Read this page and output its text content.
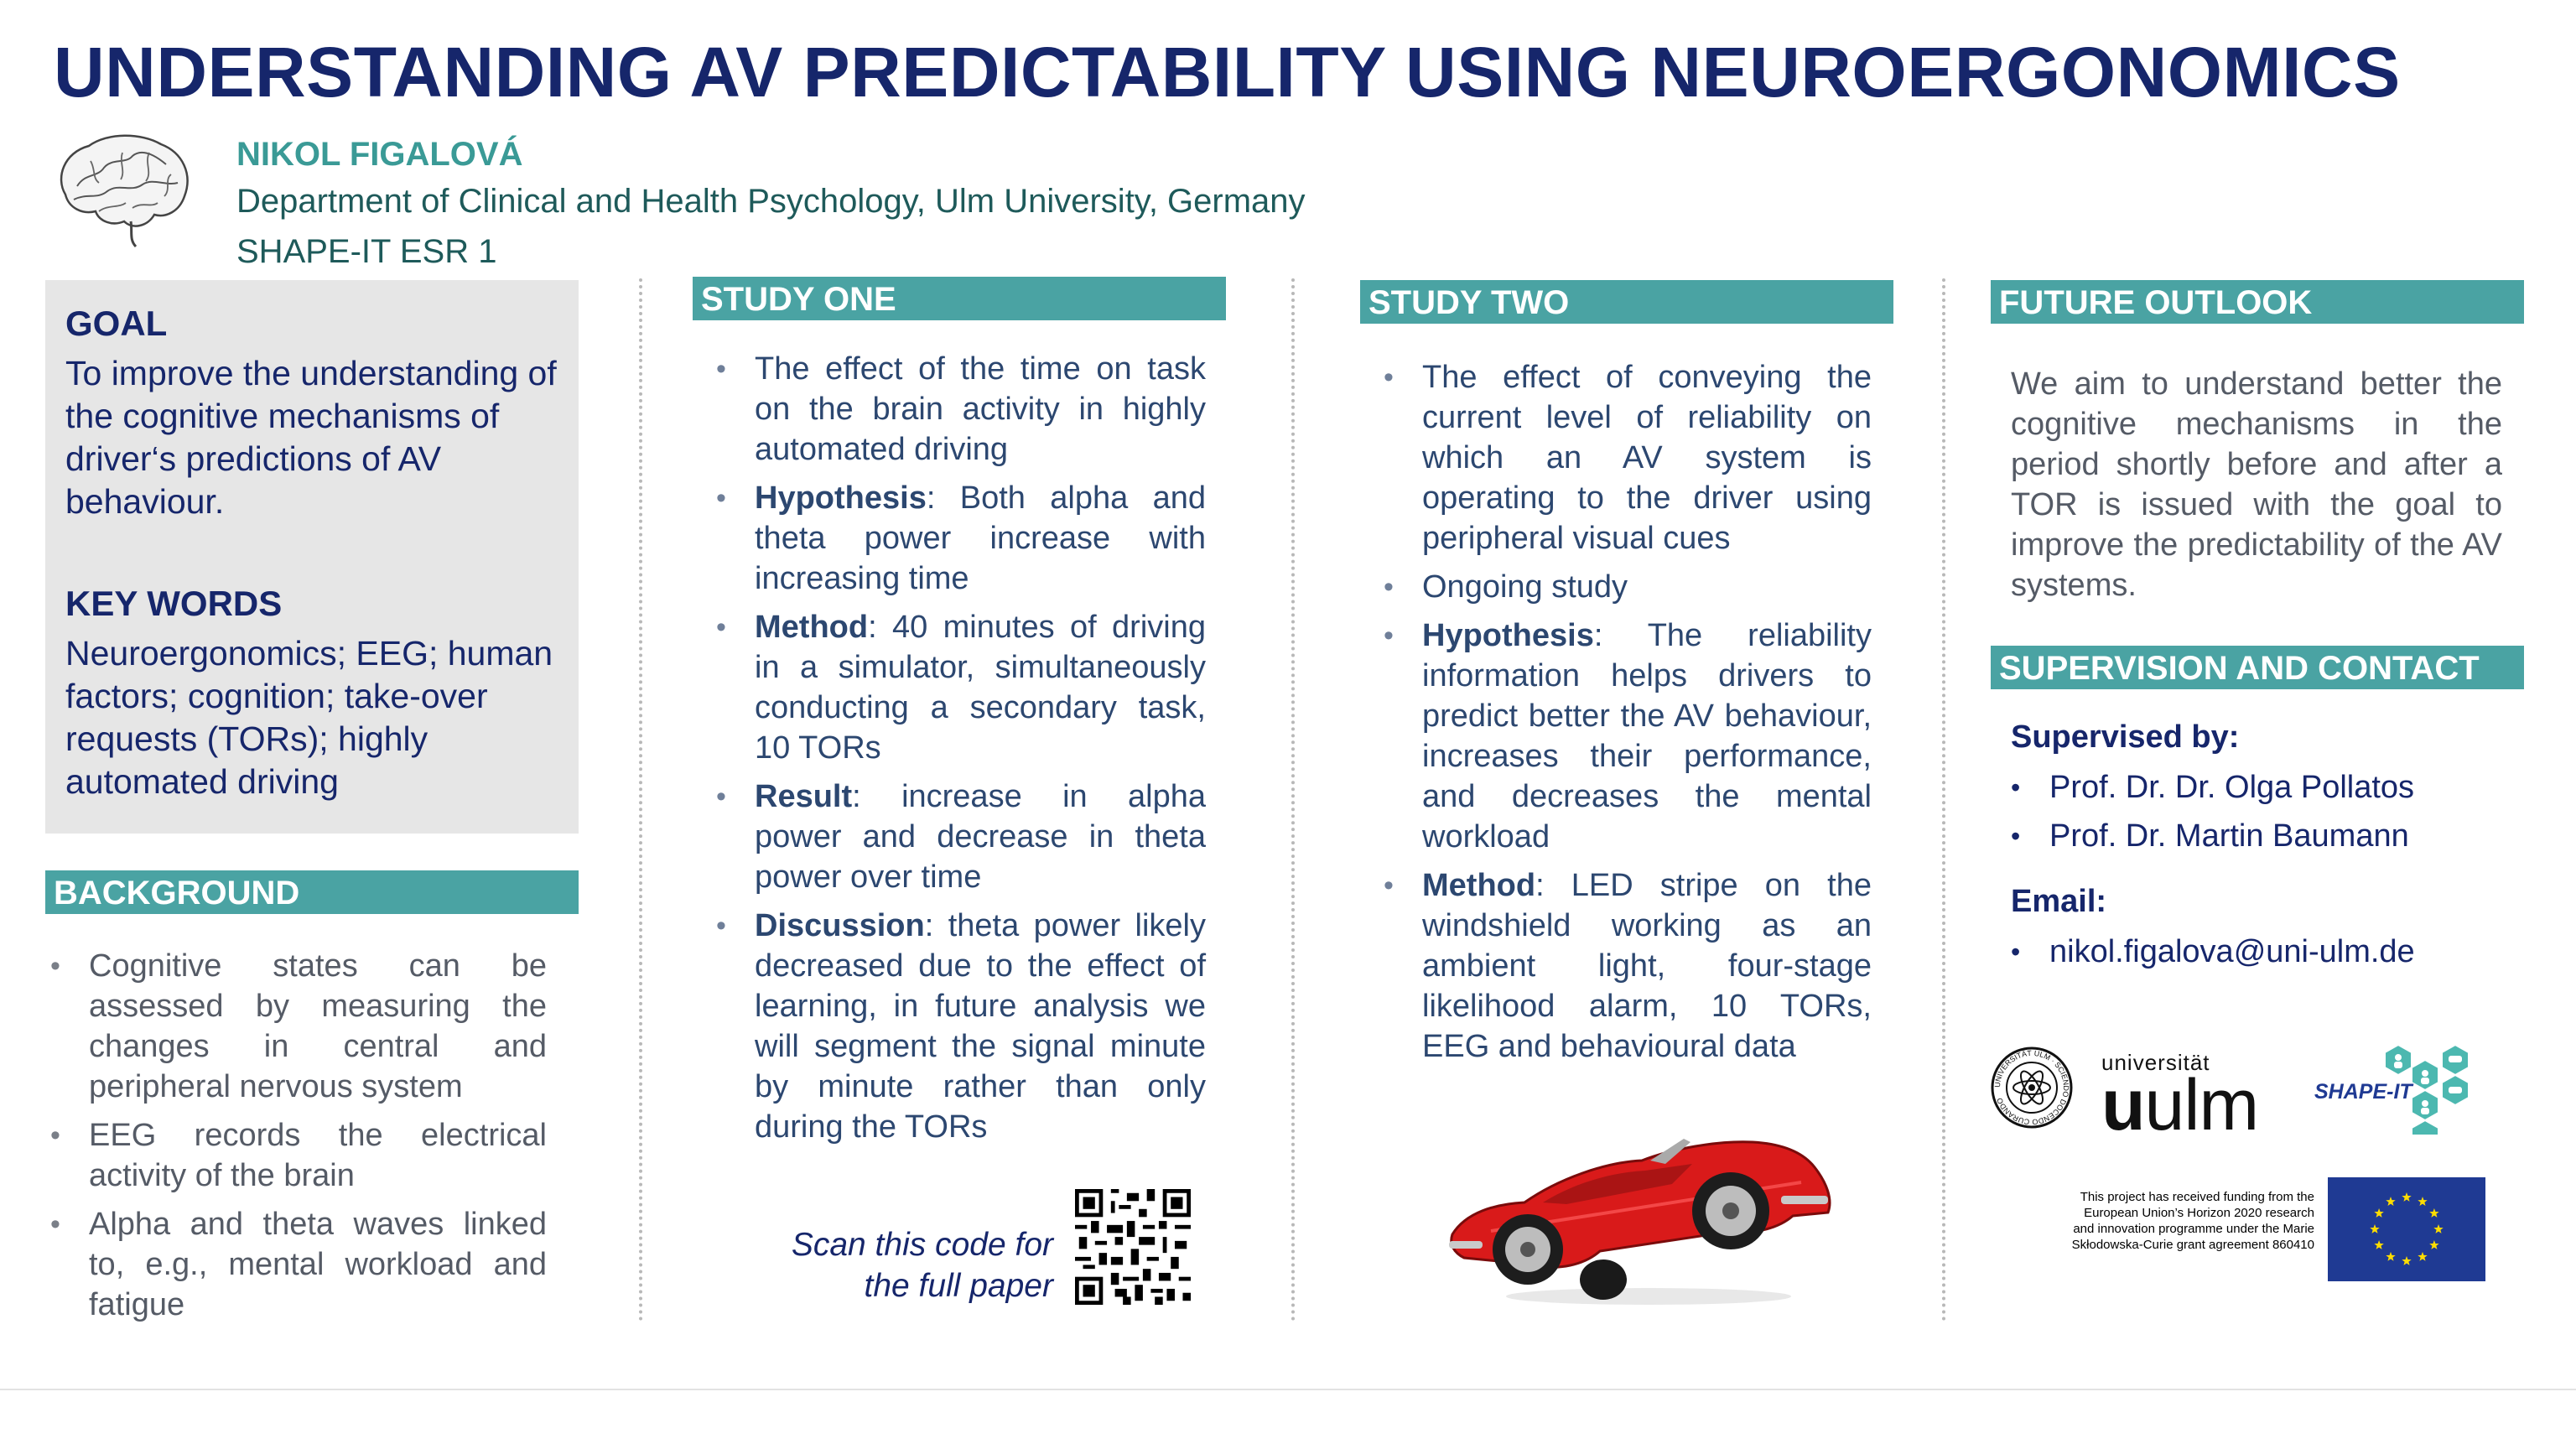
UNDERSTANDING AV PREDICTABILITY USING NEUROERGONOMICS
NIKOL FIGALOVÁ
Department of Clinical and Health Psychology, Ulm University, Germany
SHAPE-IT ESR 1
GOAL
To improve the understanding of the cognitive mechanisms of driver‘s predictions of AV behaviour.
KEY WORDS
Neuroergonomics; EEG; human factors; cognition; take-over requests (TORs); highly automated driving
BACKGROUND
• Cognitive states can be assessed by measuring the changes in central and peripheral nervous system
• EEG records the electrical activity of the brain
• Alpha and theta waves linked to, e.g., mental workload and fatigue
STUDY ONE
• The effect of the time on task on the brain activity in highly automated driving
• Hypothesis: Both alpha and theta power increase with increasing time
• Method: 40 minutes of driving in a simulator, simultaneously conducting a secondary task, 10 TORs
• Result: increase in alpha power and decrease in theta power over time
• Discussion: theta power likely decreased due to the effect of learning, in future analysis we will segment the signal minute by minute rather than only during the TORs
Scan this code for
the full paper
STUDY TWO
• The effect of conveying the current level of reliability on which an AV system is operating to the driver using peripheral visual cues
• Ongoing study
• Hypothesis: The reliability information helps drivers to predict better the AV behaviour, increases their performance, and decreases the mental workload
• Method: LED stripe on the windshield working as an ambient light, four-stage likelihood alarm, 10 TORs, EEG and behavioural data
FUTURE OUTLOOK
We aim to understand better the cognitive mechanisms in the period shortly before and after a TOR is issued with the goal to improve the predictability of the AV systems.
SUPERVISION AND CONTACT
Supervised by:
• Prof. Dr. Dr. Olga Pollatos
• Prof. Dr. Martin Baumann
Email:
• nikol.figalova@uni-ulm.de
UNIVERSITÄT ULM · SCIENDO DOCENDO CURANDO
universität
uulm	SHAPE-IT
This project has received funding from the
European Union’s Horizon 2020 research
and innovation programme under the Marie
Skłodowska-Curie grant agreement 860410
